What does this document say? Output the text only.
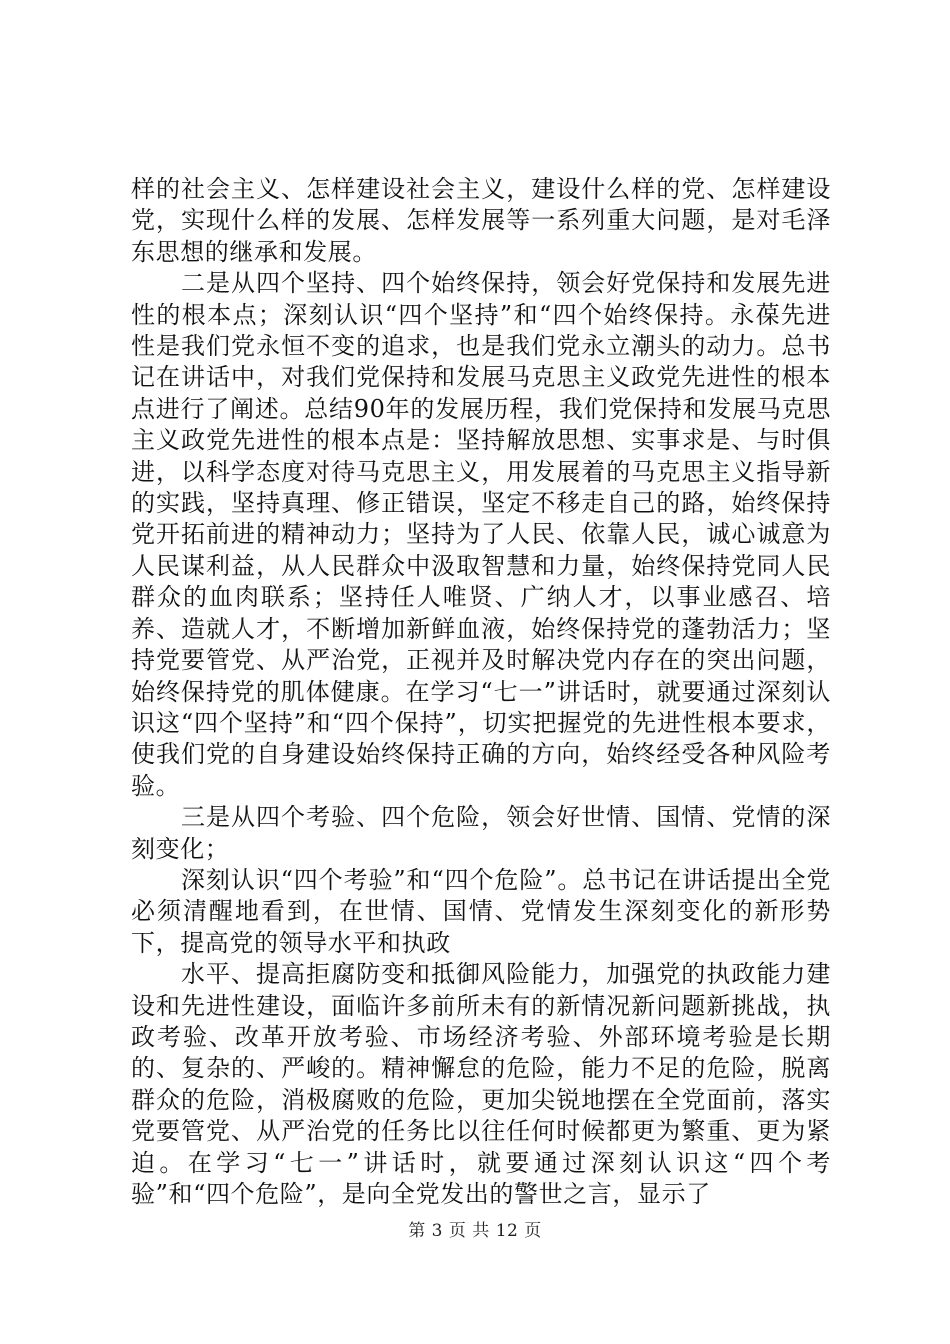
样的社会主义、怎样建设社会主义，建设什么样的党、怎样建设党，实现什么样的发展、怎样发展等一系列重大问题，是对毛泽东思想的继承和发展。

二是从四个坚持、四个始终保持，领会好党保持和发展先进性的根本点；深刻认识“四个坚持”和“四个始终保持。永葆先进性是我们党永恒不变的追求，也是我们党永立潮头的动力。总书记在讲话中，对我们党保持和发展马克思主义政党先进性的根本点进行了阐述。总结90年的发展历程，我们党保持和发展马克思主义政党先进性的根本点是：坚持解放思想、实事求是、与时俱进，以科学态度对待马克思主义，用发展着的马克思主义指导新的实践，坚持真理、修正错误，坚定不移走自己的路，始终保持党开拓前进的精神动力；坚持为了人民、依靠人民，诚心诚意为人民谋利益，从人民群众中汲取智慧和力量，始终保持党同人民群众的血肉联系；坚持任人唯贤、广纳人才，以事业感召、培养、造就人才，不断增加新鲜血液，始终保持党的蓬勃活力；坚持党要管党、从严治党，正视并及时解决党内存在的突出问题，始终保持党的肌体健康。在学习“七一”讲话时，就要通过深刻认识这“四个坚持”和“四个保持”，切实把握党的先进性根本要求，使我们党的自身建设始终保持正确的方向，始终经受各种风险考验。

三是从四个考验、四个危险，领会好世情、国情、党情的深刻变化；

深刻认识“四个考验”和“四个危险”。总书记在讲话提出全党必须清醒地看到，在世情、国情、党情发生深刻变化的新形势下，提高党的领导水平和执政

水平、提高拒腐防变和抵御风险能力，加强党的执政能力建设和先进性建设，面临许多前所未有的新情况新问题新挑战，执政考验、改革开放考验、市场经济考验、外部环境考验是长期的、复杂的、严峻的。精神懈怠的危险，能力不足的危险，脱离群众的危险，消极腐败的危险，更加尖锐地摆在全党面前，落实党要管党、从严治党的任务比以往任何时候都更为繁重、更为紧迫。在学习“七一”讲话时，就要通过深刻认识这“四个考验”和“四个危险”，是向全党发出的警世之言，显示了

第 3 页 共 12 页
